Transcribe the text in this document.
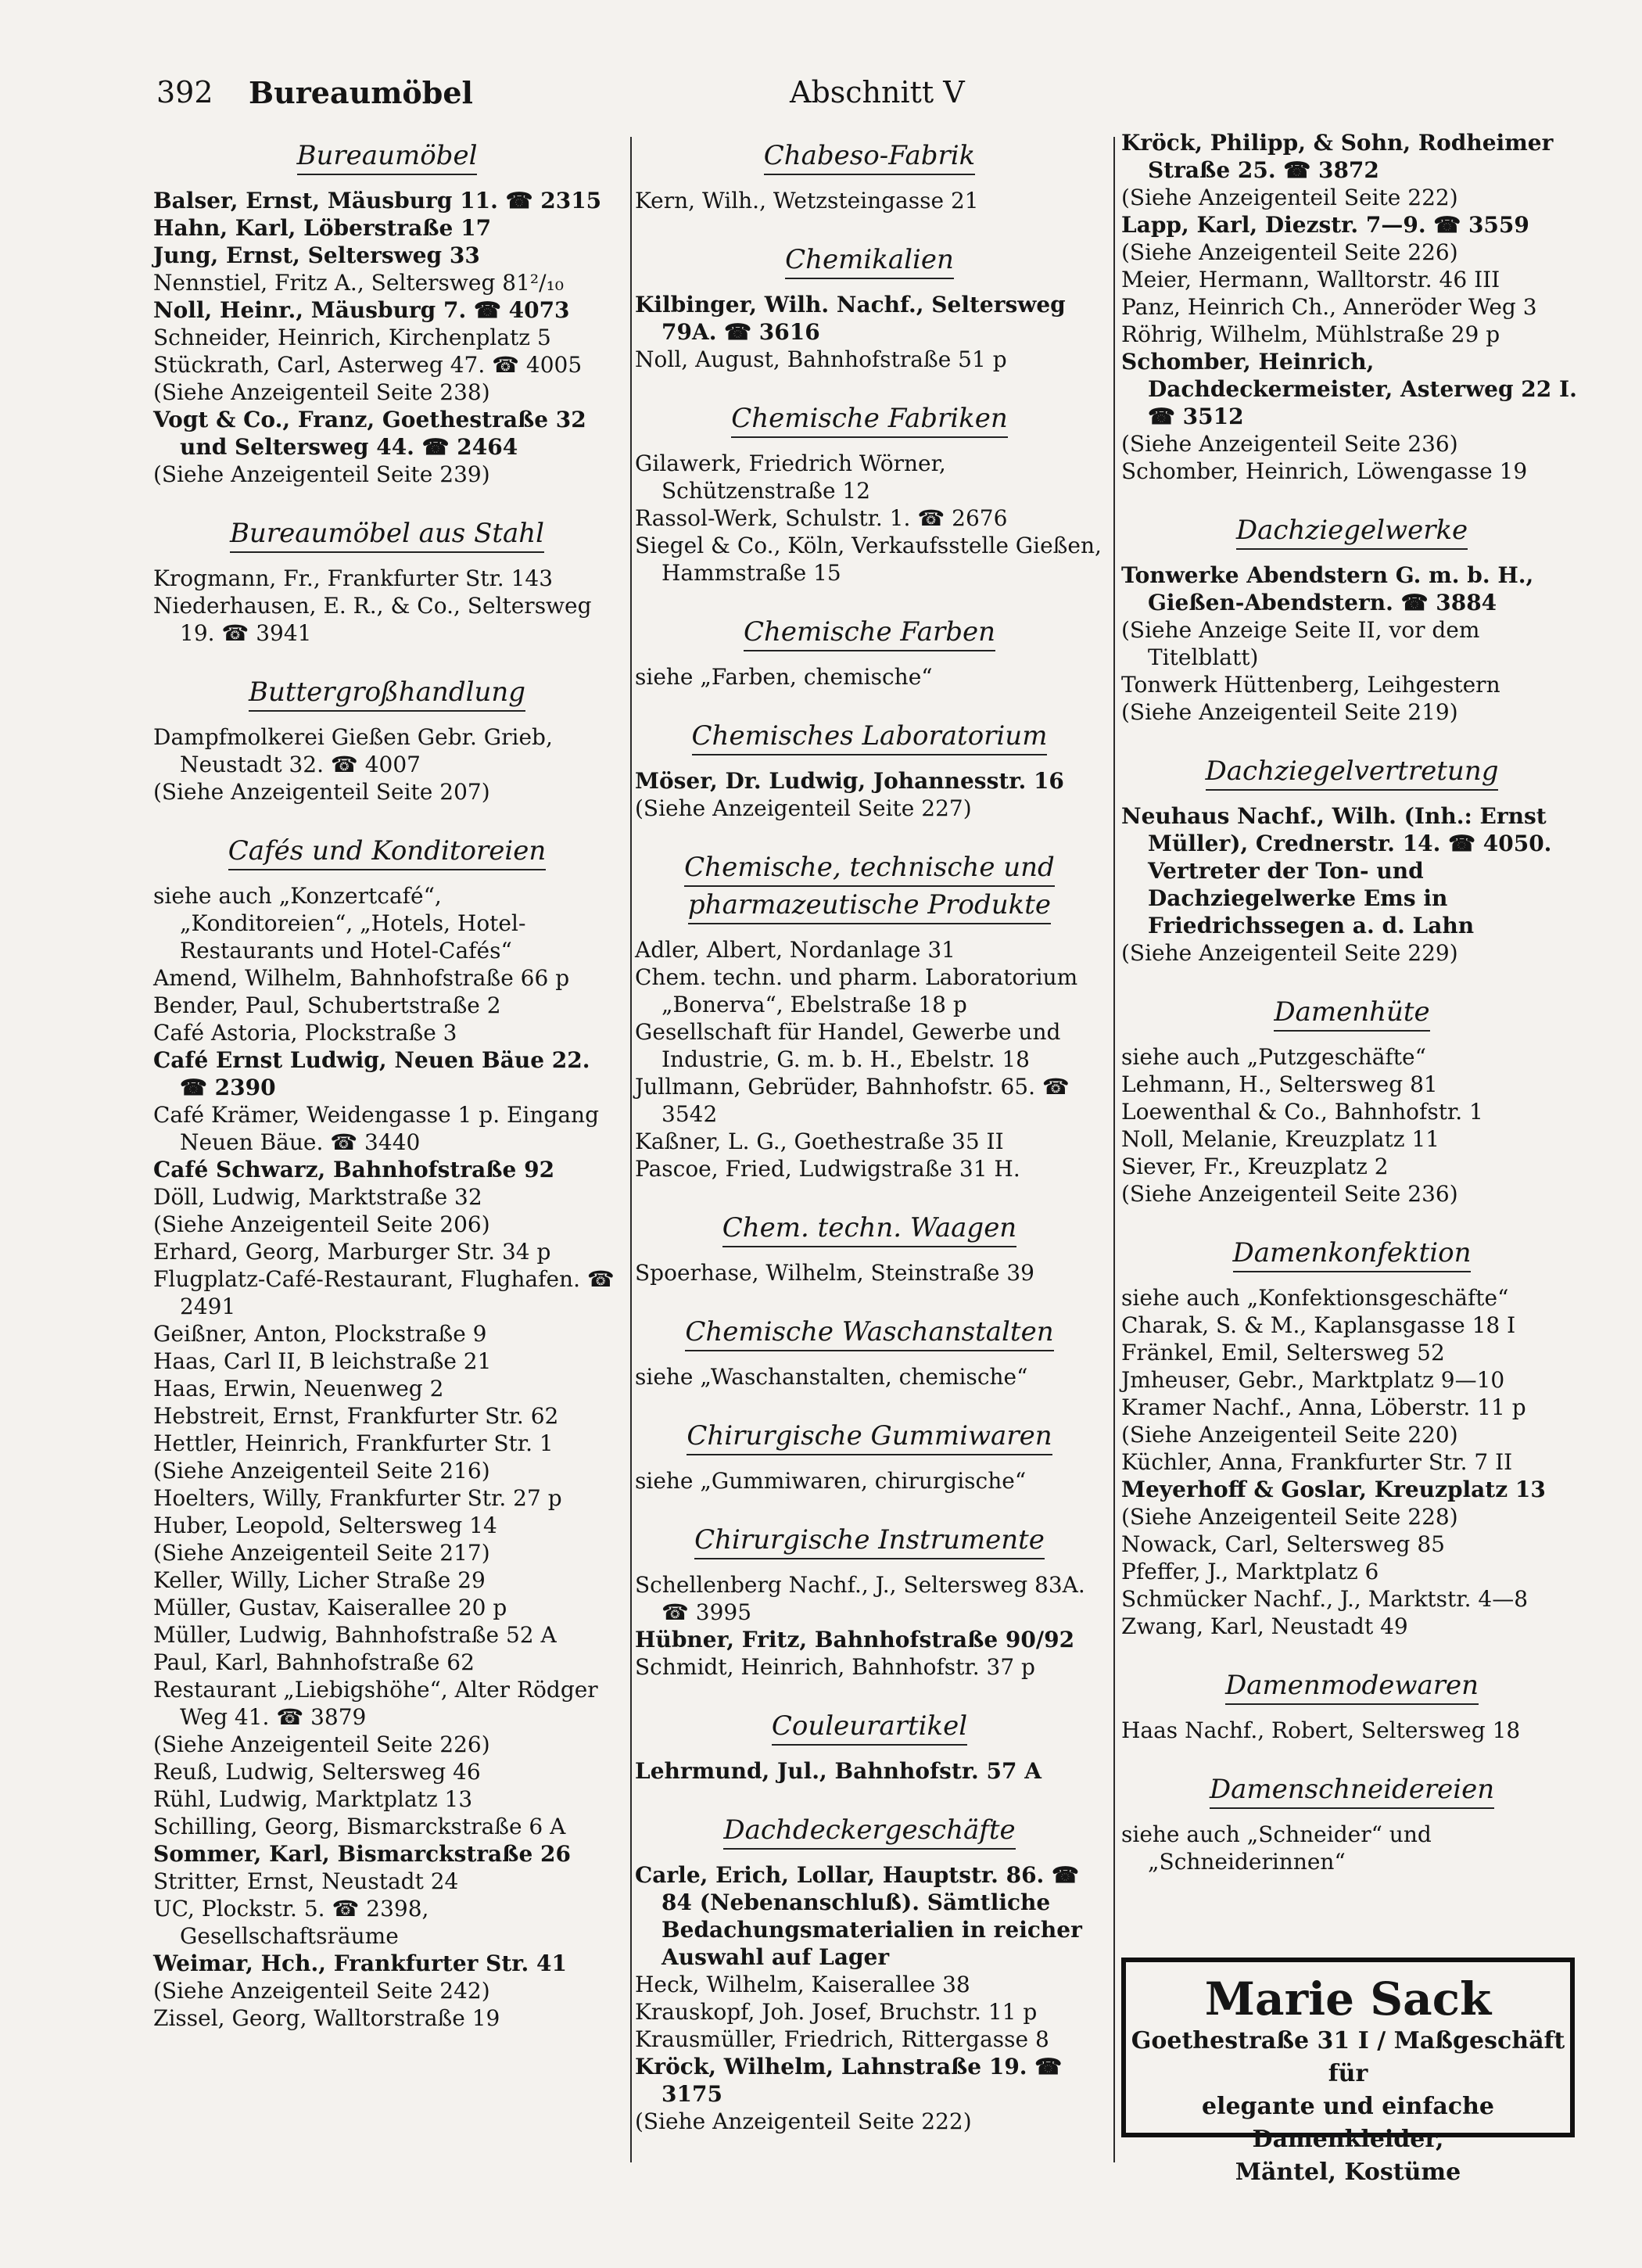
392 Bureaumöbel	Abschnitt V
Bureaumöbel
Balser, Ernst, Mäusburg 11. ☎ 2315
Hahn, Karl, Löberstraße 17
Jung, Ernst, Seltersweg 33
Nennstiel, Fritz A., Seltersweg 81²/₁₀
Noll, Heinr., Mäusburg 7. ☎ 4073
Schneider, Heinrich, Kirchenplatz 5
Stückrath, Carl, Asterweg 47. ☎ 4005
(Siehe Anzeigenteil Seite 238)
Vogt & Co., Franz, Goethestraße 32 und Seltersweg 44. ☎ 2464
(Siehe Anzeigenteil Seite 239)
Bureaumöbel aus Stahl
Krogmann, Fr., Frankfurter Str. 143
Niederhausen, E. R., & Co., Seltersweg 19. ☎ 3941
Buttergroßhandlung
Dampfmolkerei Gießen Gebr. Grieb, Neustadt 32. ☎ 4007
(Siehe Anzeigenteil Seite 207)
Cafés und Konditoreien
siehe auch „Konzertcafé“, „Konditoreien“, „Hotels, Hotel-Restaurants und Hotel-Cafés“
Amend, Wilhelm, Bahnhofstraße 66 p
Bender, Paul, Schubertstraße 2
Café Astoria, Plockstraße 3
Café Ernst Ludwig, Neuen Bäue 22. ☎ 2390
Café Krämer, Weidengasse 1 p. Eingang Neuen Bäue. ☎ 3440
Café Schwarz, Bahnhofstraße 92
Döll, Ludwig, Marktstraße 32
(Siehe Anzeigenteil Seite 206)
Erhard, Georg, Marburger Str. 34 p
Flugplatz-Café-Restaurant, Flughafen. ☎ 2491
Geißner, Anton, Plockstraße 9
Haas, Carl II, B leichstraße 21
Haas, Erwin, Neuenweg 2
Hebstreit, Ernst, Frankfurter Str. 62
Hettler, Heinrich, Frankfurter Str. 1
(Siehe Anzeigenteil Seite 216)
Hoelters, Willy, Frankfurter Str. 27 p
Huber, Leopold, Seltersweg 14
(Siehe Anzeigenteil Seite 217)
Keller, Willy, Licher Straße 29
Müller, Gustav, Kaiserallee 20 p
Müller, Ludwig, Bahnhofstraße 52 A
Paul, Karl, Bahnhofstraße 62
Restaurant „Liebigshöhe“, Alter Rödger Weg 41. ☎ 3879
(Siehe Anzeigenteil Seite 226)
Reuß, Ludwig, Seltersweg 46
Rühl, Ludwig, Marktplatz 13
Schilling, Georg, Bismarckstraße 6 A
Sommer, Karl, Bismarckstraße 26
Stritter, Ernst, Neustadt 24
UC, Plockstr. 5. ☎ 2398, Gesellschaftsräume
Weimar, Hch., Frankfurter Str. 41
(Siehe Anzeigenteil Seite 242)
Zissel, Georg, Walltorstraße 19
Chabeso-Fabrik
Kern, Wilh., Wetzsteingasse 21
Chemikalien
Kilbinger, Wilh. Nachf., Seltersweg 79A. ☎ 3616
Noll, August, Bahnhofstraße 51 p
Chemische Fabriken
Gilawerk, Friedrich Wörner, Schützenstraße 12
Rassol-Werk, Schulstr. 1. ☎ 2676
Siegel & Co., Köln, Verkaufsstelle Gießen, Hammstraße 15
Chemische Farben
siehe „Farben, chemische“
Chemisches Laboratorium
Möser, Dr. Ludwig, Johannesstr. 16
(Siehe Anzeigenteil Seite 227)
Chemische, technische und pharmazeutische Produkte
Adler, Albert, Nordanlage 31
Chem. techn. und pharm. Laboratorium „Bonerva“, Ebelstraße 18 p
Gesellschaft für Handel, Gewerbe und Industrie, G. m. b. H., Ebelstr. 18
Jullmann, Gebrüder, Bahnhofstr. 65. ☎ 3542
Kaßner, L. G., Goethestraße 35 II
Pascoe, Fried, Ludwigstraße 31 H.
Chem. techn. Waagen
Spoerhase, Wilhelm, Steinstraße 39
Chemische Waschanstalten
siehe „Waschanstalten, chemische“
Chirurgische Gummiwaren
siehe „Gummiwaren, chirurgische“
Chirurgische Instrumente
Schellenberg Nachf., J., Seltersweg 83A. ☎ 3995
Hübner, Fritz, Bahnhofstraße 90/92
Schmidt, Heinrich, Bahnhofstr. 37 p
Couleurartikel
Lehrmund, Jul., Bahnhofstr. 57 A
Dachdeckergeschäfte
Carle, Erich, Lollar, Hauptstr. 86. ☎ 84 (Nebenanschluß). Sämtliche Bedachungsmaterialien in reicher Auswahl auf Lager
Heck, Wilhelm, Kaiserallee 38
Krauskopf, Joh. Josef, Bruchstr. 11 p
Krausmüller, Friedrich, Rittergasse 8
Kröck, Wilhelm, Lahnstraße 19. ☎ 3175
(Siehe Anzeigenteil Seite 222)
Kröck, Philipp, & Sohn, Rodheimer Straße 25. ☎ 3872
(Siehe Anzeigenteil Seite 222)
Lapp, Karl, Diezstr. 7—9. ☎ 3559
(Siehe Anzeigenteil Seite 226)
Meier, Hermann, Walltorstr. 46 III
Panz, Heinrich Ch., Anneröder Weg 3
Röhrig, Wilhelm, Mühlstraße 29 p
Schomber, Heinrich, Dachdeckermeister, Asterweg 22 I. ☎ 3512
(Siehe Anzeigenteil Seite 236)
Schomber, Heinrich, Löwengasse 19
Dachziegelwerke
Tonwerke Abendstern G. m. b. H., Gießen-Abendstern. ☎ 3884
(Siehe Anzeige Seite II, vor dem Titelblatt)
Tonwerk Hüttenberg, Leihgestern
(Siehe Anzeigenteil Seite 219)
Dachziegelvertretung
Neuhaus Nachf., Wilh. (Inh.: Ernst Müller), Crednerstr. 14. ☎ 4050. Vertreter der Ton- und Dachziegelwerke Ems in Friedrichssegen a. d. Lahn
(Siehe Anzeigenteil Seite 229)
Damenhüte
siehe auch „Putzgeschäfte“
Lehmann, H., Seltersweg 81
Loewenthal & Co., Bahnhofstr. 1
Noll, Melanie, Kreuzplatz 11
Siever, Fr., Kreuzplatz 2
(Siehe Anzeigenteil Seite 236)
Damenkonfektion
siehe auch „Konfektionsgeschäfte“
Charak, S. & M., Kaplansgasse 18 I
Fränkel, Emil, Seltersweg 52
Jmheuser, Gebr., Marktplatz 9—10
Kramer Nachf., Anna, Löberstr. 11 p
(Siehe Anzeigenteil Seite 220)
Küchler, Anna, Frankfurter Str. 7 II
Meyerhoff & Goslar, Kreuzplatz 13
(Siehe Anzeigenteil Seite 228)
Nowack, Carl, Seltersweg 85
Pfeffer, J., Marktplatz 6
Schmücker Nachf., J., Marktstr. 4—8
Zwang, Karl, Neustadt 49
Damenmodewaren
Haas Nachf., Robert, Seltersweg 18
Damenschneidereien
siehe auch „Schneider“ und „Schneiderinnen“
Marie Sack
Goethestraße 31 I / Maßgeschäft für
elegante und einfache Damenkleider,
Mäntel, Kostüme
